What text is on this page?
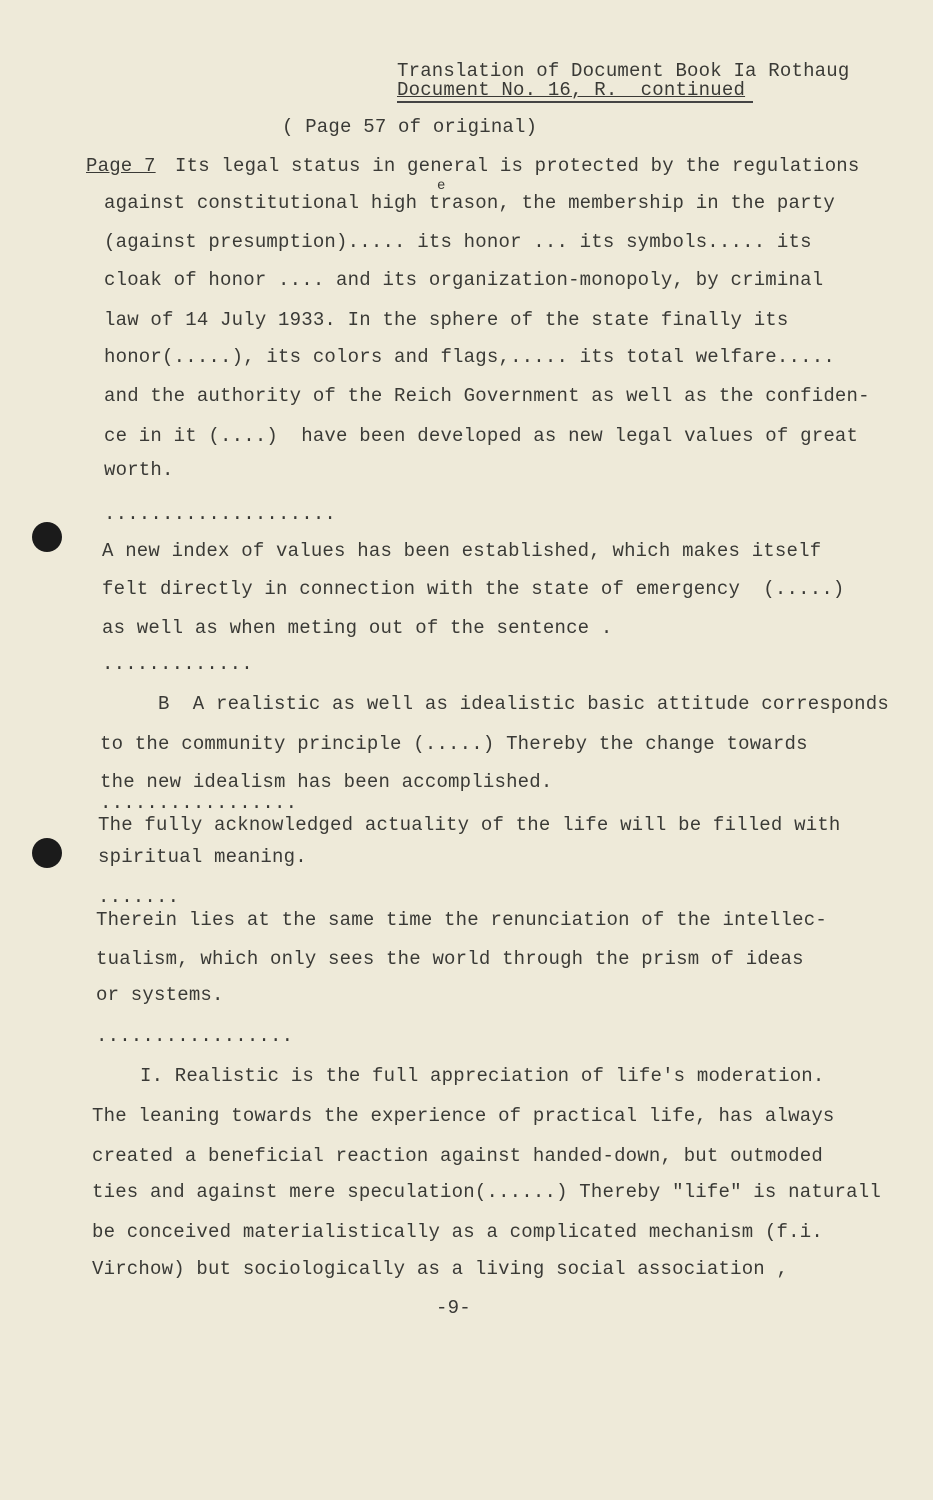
Translation of Document Book Ia Rothaug
Document No. 16, R.  continued
( Page 57 of original)
Page 7
e
Its legal status in general is protected by the regulations
against constitutional high trason, the membership in the party
(against presumption)..... its honor ... its symbols..... its
cloak of honor .... and its organization-monopoly, by criminal
law of 14 July 1933. In the sphere of the state finally its
honor(.....), its colors and flags,..... its total welfare.....
and the authority of the Reich Government as well as the confiden-
ce in it (....)  have been developed as new legal values of great
worth.
....................
A new index of values has been established, which makes itself
felt directly in connection with the state of emergency  (.....)
as well as when meting out of the sentence .
.............
B  A realistic as well as idealistic basic attitude corresponds
to the community principle (.....) Thereby the change towards
the new idealism has been accomplished.
.................
The fully acknowledged actuality of the life will be filled with
spiritual meaning.
.......
Therein lies at the same time the renunciation of the intellec-
tualism, which only sees the world through the prism of ideas
or systems.
.................
I. Realistic is the full appreciation of life's moderation.
The leaning towards the experience of practical life, has always
created a beneficial reaction against handed-down, but outmoded
ties and against mere speculation(......) Thereby "life" is naturall
be conceived materialistically as a complicated mechanism (f.i.
Virchow) but sociologically as a living social association ,
-9-
